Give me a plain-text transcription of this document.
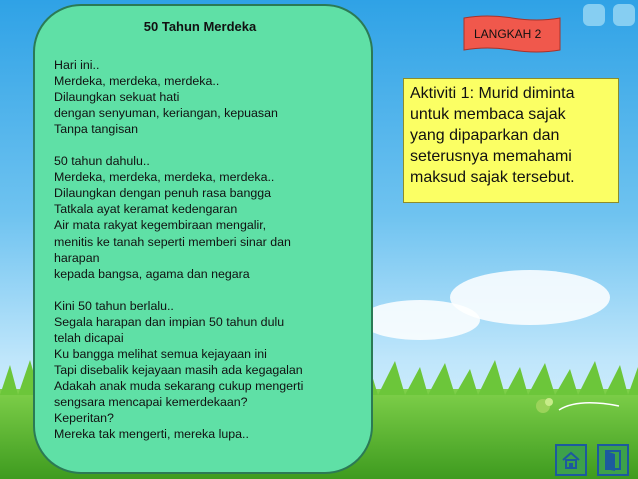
50 Tahun Merdeka
Hari ini..
Merdeka, merdeka, merdeka..
Dilaungkan sekuat hati
dengan senyuman, keriangan, kepuasan
Tanpa tangisan
50 tahun dahulu..
Merdeka, merdeka, merdeka, merdeka..
Dilaungkan dengan penuh rasa bangga
Tatkala ayat keramat kedengaran
Air mata rakyat kegembiraan mengalir,
menitis ke tanah seperti memberi sinar dan
harapan
kepada bangsa, agama dan negara
Kini 50 tahun berlalu..
Segala harapan dan impian 50 tahun dulu
telah dicapai
Ku bangga melihat semua kejayaan ini
Tapi disebalik kejayaan masih ada kegagalan
Adakah anak muda sekarang cukup mengerti
sengsara mencapai kemerdekaan?
Keperitan?
Mereka tak mengerti, mereka lupa..
LANGKAH 2
Aktiviti 1: Murid diminta
untuk membaca sajak
yang dipaparkan dan
seterusnya memahami
maksud sajak tersebut.
